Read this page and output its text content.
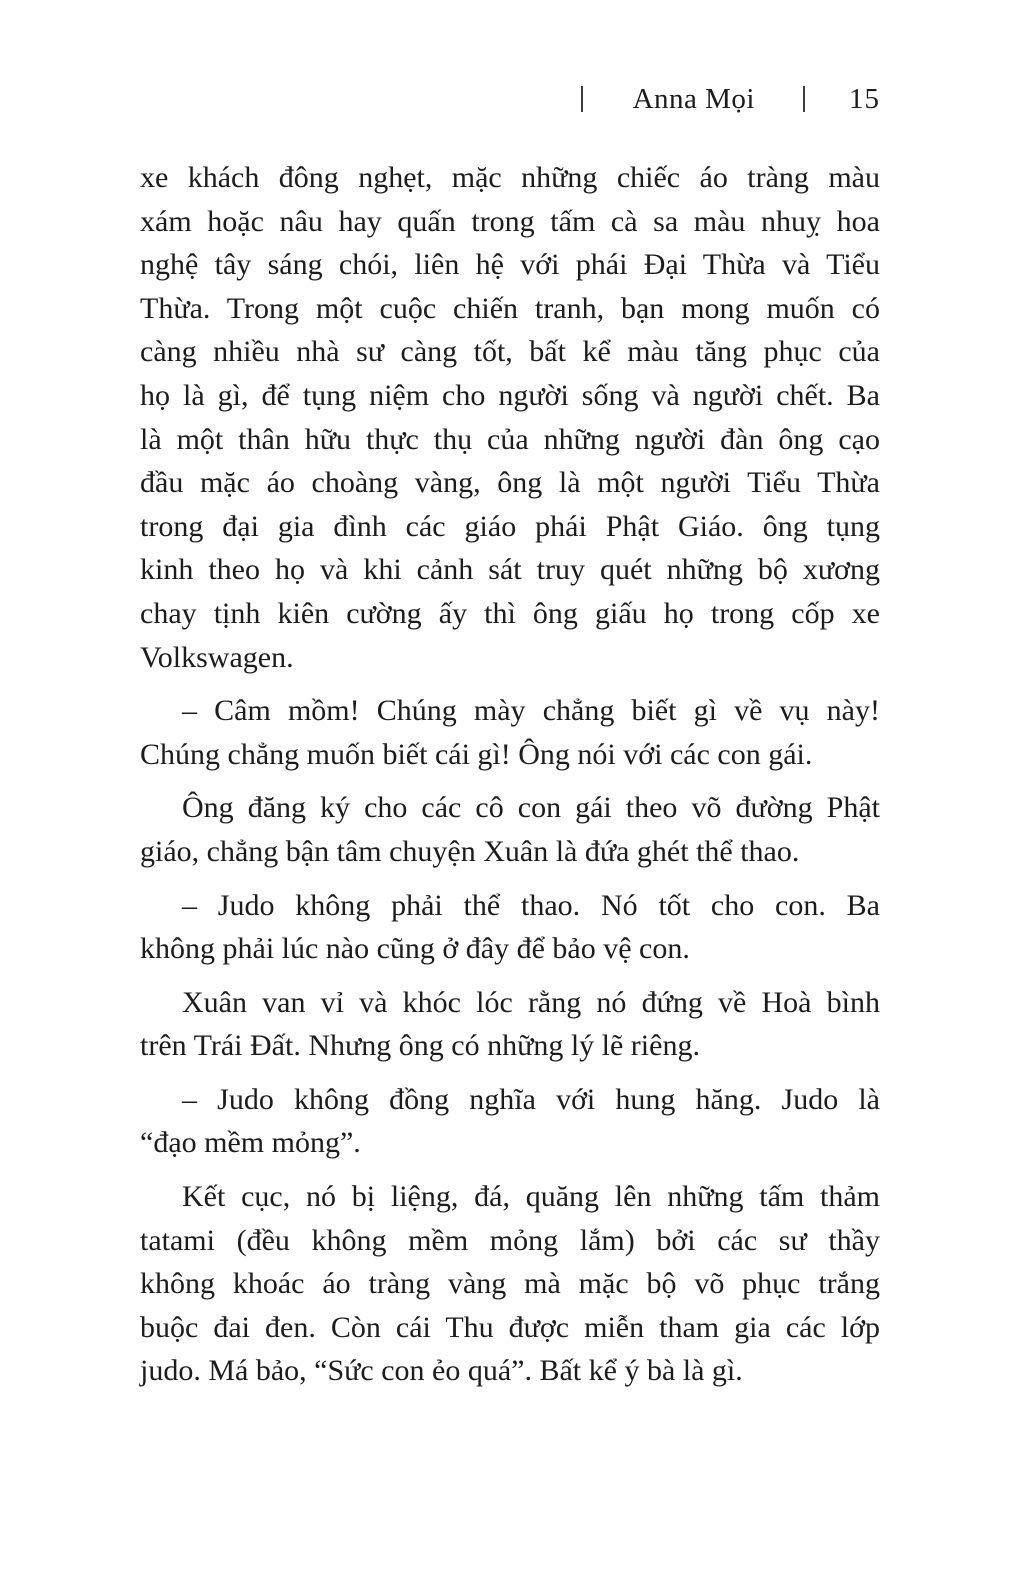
Anna Mọi	15
xe khách đông nghẹt, mặc những chiếc áo tràng màu
xám hoặc nâu hay quấn trong tấm cà sa màu nhuỵ hoa
nghệ tây sáng chói, liên hệ với phái Đại Thừa và Tiểu
Thừa. Trong một cuộc chiến tranh, bạn mong muốn có
càng nhiều nhà sư càng tốt, bất kể màu tăng phục của
họ là gì, để tụng niệm cho người sống và người chết. Ba
là một thân hữu thực thụ của những người đàn ông cạo
đầu mặc áo choàng vàng, ông là một người Tiểu Thừa
trong đại gia đình các giáo phái Phật Giáo. ông tụng
kinh theo họ và khi cảnh sát truy quét những bộ xương
chay tịnh kiên cường ấy thì ông giấu họ trong cốp xe
Volkswagen.
– Câm mồm! Chúng mày chẳng biết gì về vụ này!
Chúng chẳng muốn biết cái gì! Ông nói với các con gái.
Ông đăng ký cho các cô con gái theo võ đường Phật
giáo, chẳng bận tâm chuyện Xuân là đứa ghét thể thao.
– Judo không phải thể thao. Nó tốt cho con. Ba
không phải lúc nào cũng ở đây để bảo vệ con.
Xuân van vỉ và khóc lóc rằng nó đứng về Hoà bình
trên Trái Đất. Nhưng ông có những lý lẽ riêng.
– Judo không đồng nghĩa với hung hăng. Judo là
“đạo mềm mỏng”.
Kết cục, nó bị liệng, đá, quăng lên những tấm thảm
tatami (đều không mềm mỏng lắm) bởi các sư thầy
không khoác áo tràng vàng mà mặc bộ võ phục trắng
buộc đai đen. Còn cái Thu được miễn tham gia các lớp
judo. Má bảo, “Sức con ẻo quá”. Bất kể ý bà là gì.
